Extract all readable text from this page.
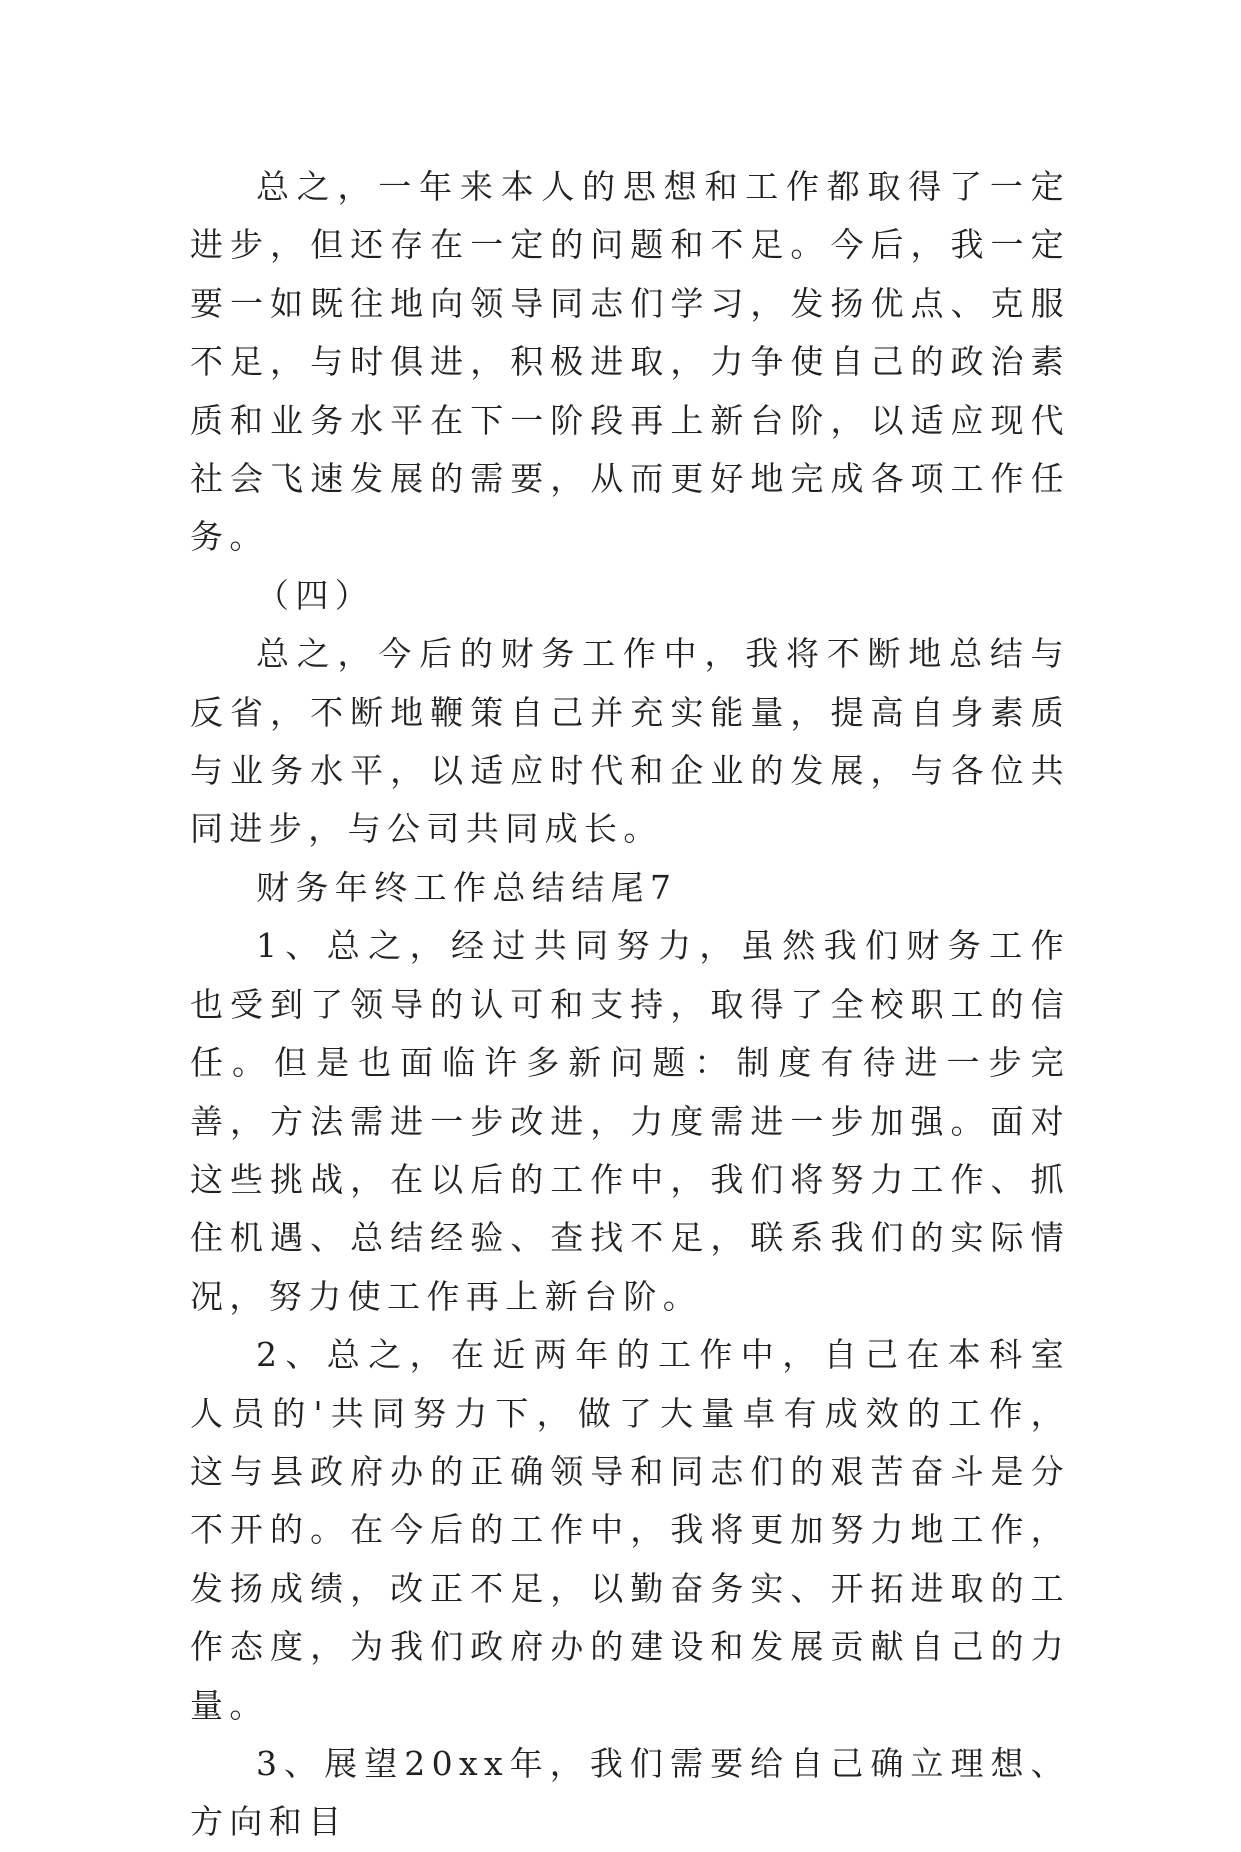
总之，一年来本人的思想和工作都取得了一定进步，但还存在一定的问题和不足。今后，我一定要一如既往地向领导同志们学习，发扬优点、克服不足，与时俱进，积极进取，力争使自己的政治素质和业务水平在下一阶段再上新台阶，以适应现代社会飞速发展的需要，从而更好地完成各项工作任务。

（四）

总之，今后的财务工作中，我将不断地总结与反省，不断地鞭策自己并充实能量，提高自身素质与业务水平，以适应时代和企业的发展，与各位共同进步，与公司共同成长。

财务年终工作总结结尾7

1、总之，经过共同努力，虽然我们财务工作也受到了领导的认可和支持，取得了全校职工的信任。但是也面临许多新问题：制度有待进一步完善，方法需进一步改进，力度需进一步加强。面对这些挑战，在以后的工作中，我们将努力工作、抓住机遇、总结经验、查找不足，联系我们的实际情况，努力使工作再上新台阶。

2、总之，在近两年的工作中，自己在本科室人员的'共同努力下，做了大量卓有成效的工作，这与县政府办的正确领导和同志们的艰苦奋斗是分不开的。在今后的工作中，我将更加努力地工作，发扬成绩，改正不足，以勤奋务实、开拓进取的工作态度，为我们政府办的建设和发展贡献自己的力量。

3、展望20xx年，我们需要给自己确立理想、方向和目
